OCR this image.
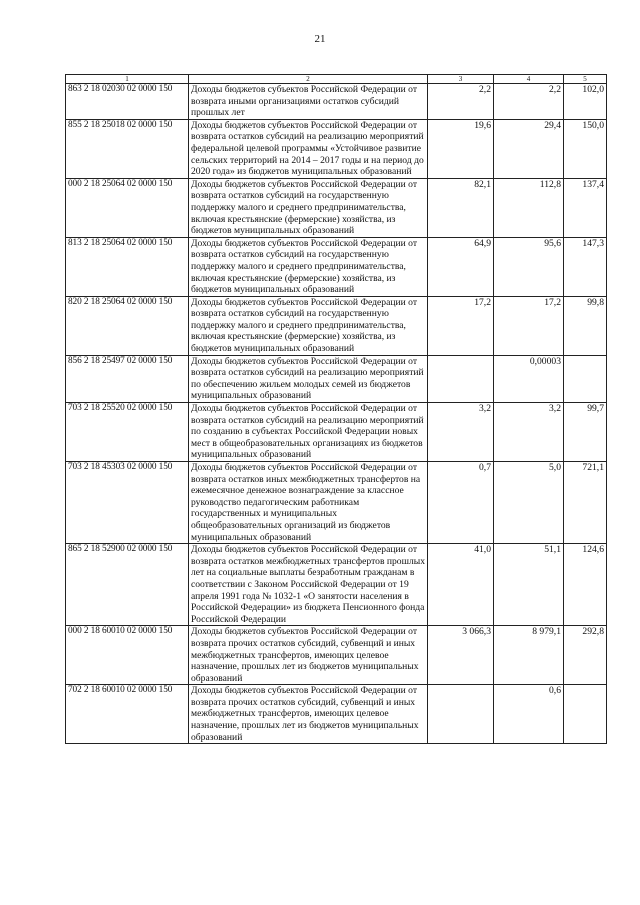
21
1	2	3	4	5
863 2 18 02030 02 0000 150	Доходы бюджетов субъектов Российской Федерации от возврата иными организациями остатков субсидий прошлых лет	2,2	2,2	102,0
855 2 18 25018 02 0000 150	Доходы бюджетов субъектов Российской Федерации от возврата остатков субсидий на реализацию мероприятий федеральной целевой программы «Устойчивое развитие сельских территорий на 2014 – 2017 годы и на период до 2020 года» из бюджетов муниципальных образований	19,6	29,4	150,0
000 2 18 25064 02 0000 150	Доходы бюджетов субъектов Российской Федерации от возврата остатков субсидий на государственную поддержку малого и среднего предпринимательства, включая крестьянские (фермерские) хозяйства, из бюджетов муниципальных образований	82,1	112,8	137,4
813 2 18 25064 02 0000 150	Доходы бюджетов субъектов Российской Федерации от возврата остатков субсидий на государственную поддержку малого и среднего предпринимательства, включая крестьянские (фермерские) хозяйства, из бюджетов муниципальных образований	64,9	95,6	147,3
820 2 18 25064 02 0000 150	Доходы бюджетов субъектов Российской Федерации от возврата остатков субсидий на государственную поддержку малого и среднего предпринимательства, включая крестьянские (фермерские) хозяйства, из бюджетов муниципальных образований	17,2	17,2	99,8
856 2 18 25497 02 0000 150	Доходы бюджетов субъектов Российской Федерации от возврата остатков субсидий на реализацию мероприятий по обеспечению жильем молодых семей из бюджетов муниципальных образований		0,00003	
703 2 18 25520 02 0000 150	Доходы бюджетов субъектов Российской Федерации от возврата остатков субсидий на реализацию мероприятий по созданию в субъектах Российской Федерации новых мест в общеобразовательных организациях из бюджетов муниципальных образований	3,2	3,2	99,7
703 2 18 45303 02 0000 150	Доходы бюджетов субъектов Российской Федерации от возврата остатков иных межбюджетных трансфертов на ежемесячное денежное вознаграждение за классное руководство педагогическим работникам государственных и муниципальных общеобразовательных организаций из бюджетов муниципальных образований	0,7	5,0	721,1
865 2 18 52900 02 0000 150	Доходы бюджетов субъектов Российской Федерации от возврата остатков межбюджетных трансфертов прошлых лет на социальные выплаты безработным гражданам в соответствии с Законом Российской Федерации от 19 апреля 1991 года № 1032-1 «О занятости населения в Российской Федерации» из бюджета Пенсионного фонда Российской Федерации	41,0	51,1	124,6
000 2 18 60010 02 0000 150	Доходы бюджетов субъектов Российской Федерации от возврата прочих остатков субсидий, субвенций и иных межбюджетных трансфертов, имеющих целевое назначение, прошлых лет из бюджетов муниципальных образований	3 066,3	8 979,1	292,8
702 2 18 60010 02 0000 150	Доходы бюджетов субъектов Российской Федерации от возврата прочих остатков субсидий, субвенций и иных межбюджетных трансфертов, имеющих целевое назначение, прошлых лет из бюджетов муниципальных образований		0,6	
